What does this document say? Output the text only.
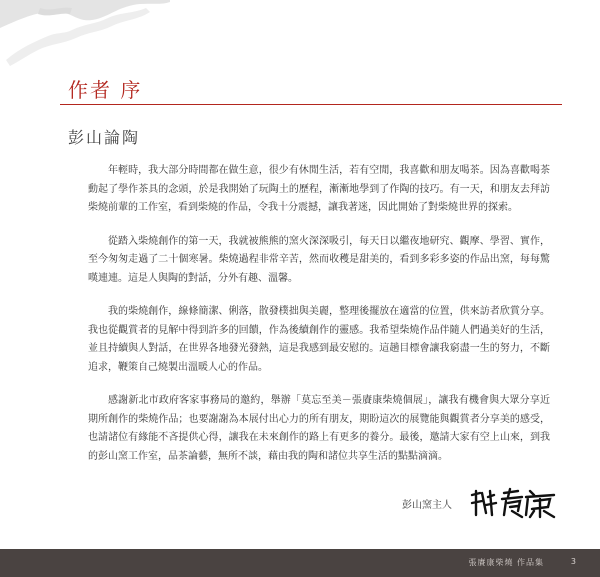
作者 序
彭山論陶

年輕時，我大部分時間都在做生意，很少有休閒生活，若有空閒，我喜歡和朋友喝茶。因為喜歡喝茶動起了學作茶具的念頭，於是我開始了玩陶土的歷程，漸漸地學到了作陶的技巧。有一天，和朋友去拜訪柴燒前輩的工作室，看到柴燒的作品，令我十分震撼，讓我著迷，因此開始了對柴燒世界的探索。

從踏入柴燒創作的第一天，我就被熊熊的窯火深深吸引，每天日以繼夜地研究、觀摩、學習、實作，至今匆匆走過了二十個寒暑。柴燒過程非常辛苦，然而收穫是甜美的，看到多彩多姿的作品出窯，每每驚嘆連連。這是人與陶的對話，分外有趣、溫馨。

我的柴燒創作，線條簡潔、俐落，散發樸拙與美麗，整理後擺放在適當的位置，供來訪者欣賞分享。我也從觀賞者的見解中得到許多的回饋，作為後續創作的靈感。我希望柴燒作品伴隨人們過美好的生活，並且持續與人對話，在世界各地發光發熱，這是我感到最安慰的。這趟目標會讓我窮盡一生的努力，不斷追求，鞭策自己燒製出溫暖人心的作品。

感謝新北市政府客家事務局的邀約，舉辦「莫忘至美－張賡康柴燒個展」，讓我有機會與大眾分享近期所創作的柴燒作品；也要謝謝為本展付出心力的所有朋友，期盼這次的展覽能與觀賞者分享美的感受，也請諸位有緣能不吝提供心得，讓我在未來創作的路上有更多的養分。最後，邀請大家有空上山來，到我的彭山窯工作室，品茶論藝，無所不談，藉由我的陶和諸位共享生活的點點滴滴。

彭山窯主人
張賡康柴燒 作品集	3
